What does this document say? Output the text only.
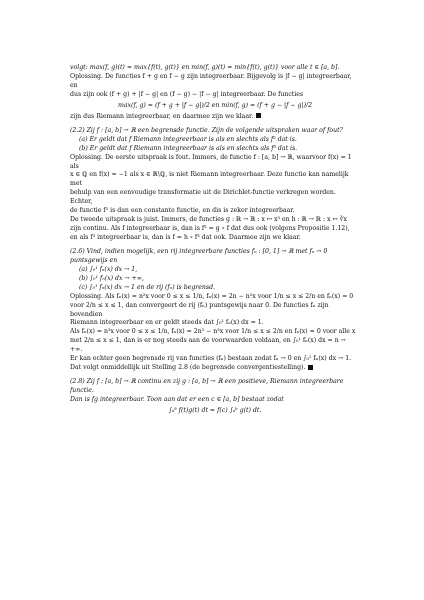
volgt: max(f, g)(t) = max{f(t), g(t)} en min(f, g)(t) = min{f(t), g(t)} voor alle t ∈ [a, b].

Oplossing. De functies f + g en f − g zijn integreerbaar. Bijgevolg is |f − g| integreerbaar, en

dus zijn ook (f + g) + |f − g| en (f − g) − |f − g| integreerbaar. De functies

max(f, g) = (f + g + |f − g|)/2 en min(f, g) = (f + g − |f − g|)/2

zijn dus Riemann integreerbaar, en daarmee zijn we klaar.

(2.2) Zij f : [a, b] → ℝ een begrensde functie. Zijn de volgende uitspraken waar of fout?

(a) Er geldt dat f Riemann integreerbaar is als en slechts als f² dat is.

(b) Er geldt dat f Riemann integreerbaar is als en slechts als f³ dat is.

Oplossing. De eerste uitspraak is fout. Immers, de functie f : [a, b] → ℝ, waarvoor f(x) = 1 als

x ∈ ℚ en f(x) = −1 als x ∈ ℝ\ℚ, is niet Riemann integreerbaar. Deze functie kan namelijk met

behulp van een eenvoudige transformatie uit de Dirichlet-functie verkregen worden. Echter,

de functie f² is dan een constante functie, en dis is zeker integreerbaar.

De tweede uitspraak is juist. Immers, de functies g : ℝ → ℝ : x ↦ x³ en h : ℝ → ℝ : x ↦ ∛x

zijn continu. Als f integreerbaar is, dan is f³ = g ∘ f dat dus ook (volgens Propositie 1.12),

en als f³ integreerbaar is, dan is f = h ∘ f³ dat ook. Daarmee zijn we klaar.

(2.6) Vind, indien mogelijk, een rij integreerbare functies fₙ : [0, 1] → ℝ met fₙ → 0 puntsgewijs en

(a) ∫₀¹ fₙ(x) dx → 1,

(b) ∫₀¹ fₙ(x) dx → +∞,

(c) ∫₀¹ fₙ(x) dx → 1 en de rij (fₙ) is begrensd.

Oplossing. Als fₙ(x) = n²x voor 0 ≤ x ≤ 1/n, fₙ(x) = 2n − n²x voor 1/n ≤ x ≤ 2/n en fₙ(x) = 0

voor 2/n ≤ x ≤ 1, dan convergeert de rij (fₙ) puntsgewijs naar 0. De functies fₙ zijn bovendien

Riemann integreerbaar en er geldt steeds dat ∫₀¹ fₙ(x) dx = 1.

Als fₙ(x) = n³x voor 0 ≤ x ≤ 1/n, fₙ(x) = 2n² − n³x voor 1/n ≤ x ≤ 2/n en fₙ(x) = 0 voor alle x

met 2/n ≤ x ≤ 1, dan is er nog steeds aan de voorwaarden voldaan, en ∫₀¹ fₙ(x) dx = n → +∞.

Er kan echter geen begrensde rij van functies (fₙ) bestaan zodat fₙ → 0 en ∫₀¹ fₙ(x) dx → 1.

Dat volgt onmiddellijk uit Stelling 2.8 (de begrensde convergentiestelling).

(2.8) Zij f : [a, b] → ℝ continu en zij g : [a, b] → ℝ een positieve, Riemann integreerbare functie.

Dan is fg integreerbaar. Toon aan dat er een c ∈ [a, b] bestaat zodat

∫ₐᵇ f(t)g(t) dt = f(c) ∫ₐᵇ g(t) dt.
